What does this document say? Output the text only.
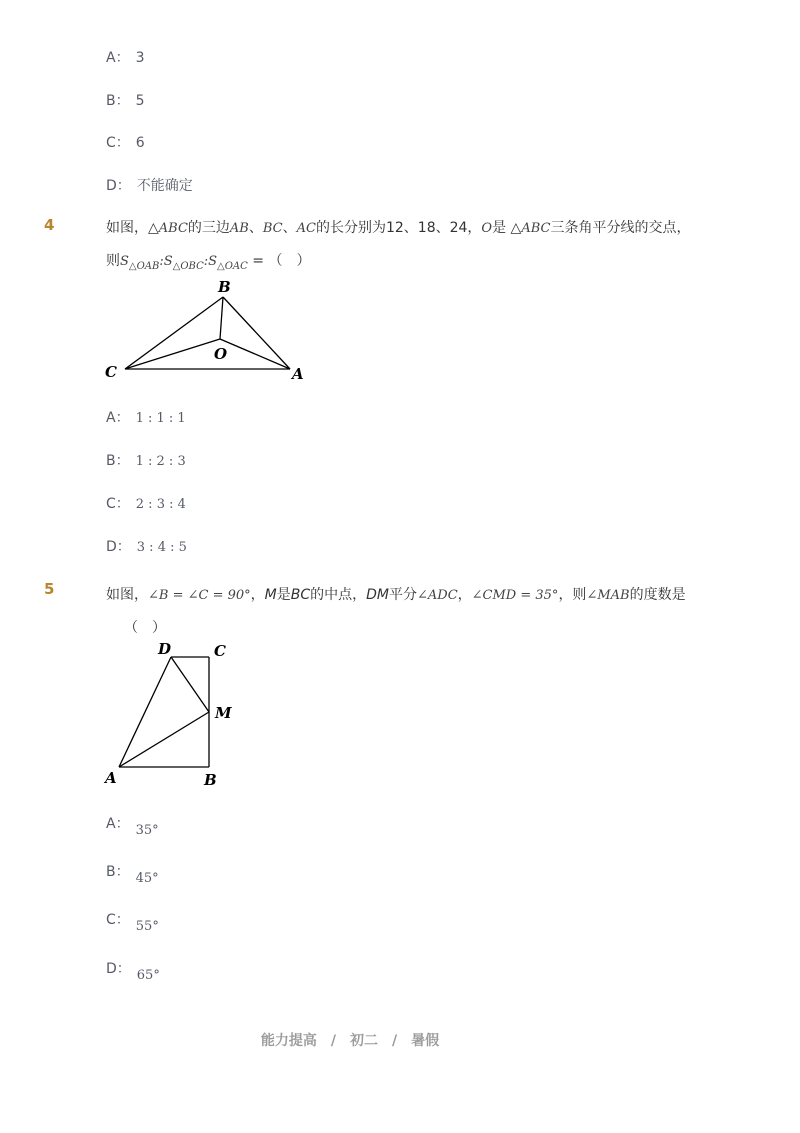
A： 3
B： 5
C： 6
D： 不能确定
4	如图，△ABC的三边AB、BC、AC的长分别为12、18、24，O是 △ABC三条角平分线的交点，
则$S_{\triangle OAB}:S_{\triangle OBC}:S_{\triangle OAC}$ = （　）
B
O
C	A
A： 1 : 1 : 1
B： 1 : 2 : 3
C： 2 : 3 : 4
D： 3 : 4 : 5
5	如图，∠B = ∠C = 90°，M是BC的中点，DM平分∠ADC，∠CMD = 35°，则∠MAB的度数是
（　）
D	C
M
A	B
A： 35°
B： 45°
C： 55°
D： 65°
能力提高　/　初二　/　暑假
